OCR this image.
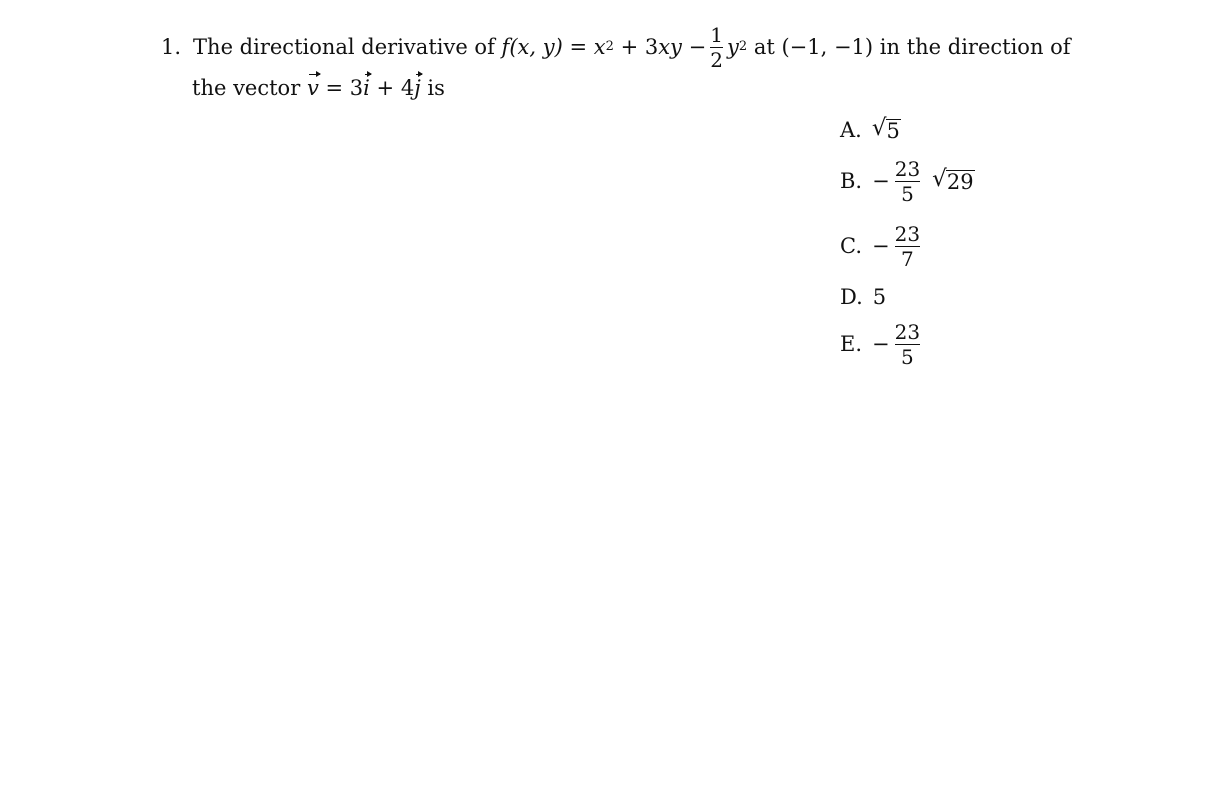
1. The directional derivative of
f (x, y)
=
x 2
+ 3 xy
− $\frac{1}{2}$ y 2
at (−1, −1) in the direction of
the vector
v
= 3 i
+ 4 j
is
A. √ 5
B. − $\frac{23}{5}$ √ 29
C. − $\frac{23}{7}$
D. 5
E. − $\frac{23}{5}$
